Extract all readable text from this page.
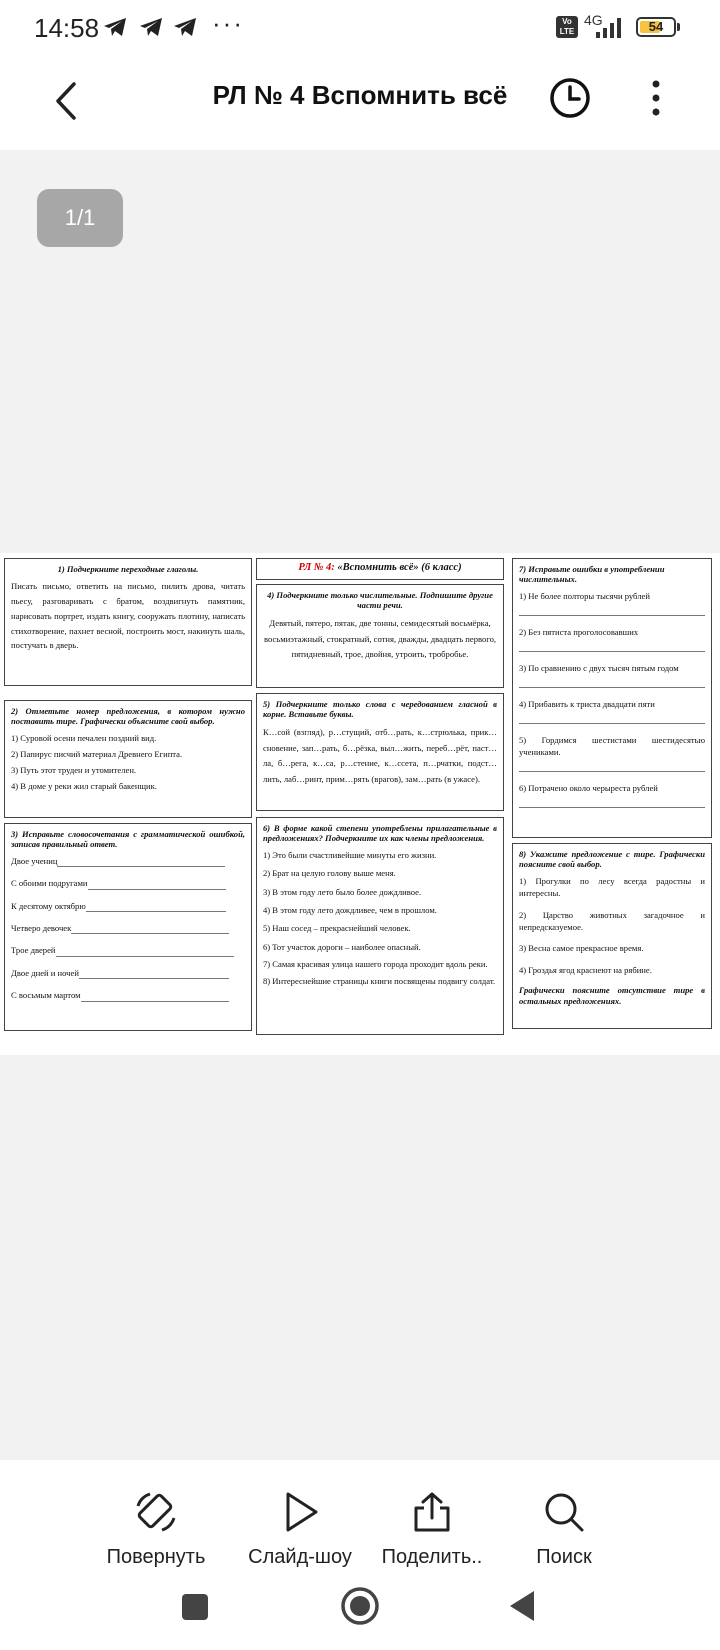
14:58	···	Vo LTE
4G	54
РЛ № 4 Вспомнить всё
1/1

1) Подчеркните переходные глаголы.

Писать письмо, ответить на письмо, пилить дрова, читать пьесу, разговаривать с братом, воздвигнуть памятник, нарисовать портрет, издать книгу, сооружать плотину, написать стихотворение, пахнет весной, построить мост, накинуть шаль, постучать в дверь.

2) Отметьте номер предложения, в котором нужно поставить тире. Графически объясните свой выбор.

1) Суровой осени печален поздний вид.

2) Папирус писчий материал Древнего Египта.

3) Путь этот труден и утомителен.

4) В доме у реки жил старый бакенщик.

3) Исправьте словосочетания с грамматической ошибкой, записав правильный ответ.

Двое учениц

С обоими подругами

К десятому октябрю

Четверо девочек

Трое дверей

Двое дней и ночей

С восьмым мартом

РЛ № 4: «Вспомнить всё» (6 класс)

4) Подчеркните только числительные. Подпишите другие части речи.

Девятый, пятеро, пятак, две тонны, семидесятый восьмёрка, восьмиэтажный, стократный, сотня, дважды, двадцать первого, пятидневный, трое, двойня, утроить, тробробье.

5) Подчеркните только слова с чередованием гласной в корне. Вставьте буквы.

К…сой (взгляд), р…стущий, отб…рать, к…стрюлька, прик…сновение, зап…рать, б…рёзка, выл…жить, переб…рёт, паст…ла, б…рега, к…са, р…стение, к…ссета, п…рчатки, подст…лить, лаб…ринт, прим…рять (врагов), зам…рать (в ужасе).

6) В форме какой степени употреблены прилагательные в предложениях? Подчеркните их как члены предложения.

1) Это были счастливейшие минуты его жизни.

2) Брат на целую голову выше меня.

3) В этом году лето было более дождливое.

4) В этом году лето дождливее, чем в прошлом.

5) Наш сосед – прекраснейший человек.

6) Тот участок дороги – наиболее опасный.

7) Самая красивая улица нашего города проходит вдоль реки.

8) Интереснейшие страницы книги посвящены подвигу солдат.

7) Исправьте ошибки в употреблении числительных.

1) Не более полторы тысячи рублей

2) Без пятиста проголосовавших

3) По сравнению с двух тысяч пятым годом

4) Прибавить к триста двадцати пяти

5) Гордимся шестистами шестидесятью учениками.

6) Потрачено около черыреста рублей

8) Укажите предложение с тире. Графически поясните свой выбор.

1) Прогулки по лесу всегда радостны и интересны.

2) Царство животных загадочное и непредсказуемое.

3) Весна самое прекрасное время.

4) Гроздья ягод краснеют на рябине.

Графически поясните отсутствие тире в остальных предложениях.

Повернуть	Слайд-шоу	Поделить..	Поиск
